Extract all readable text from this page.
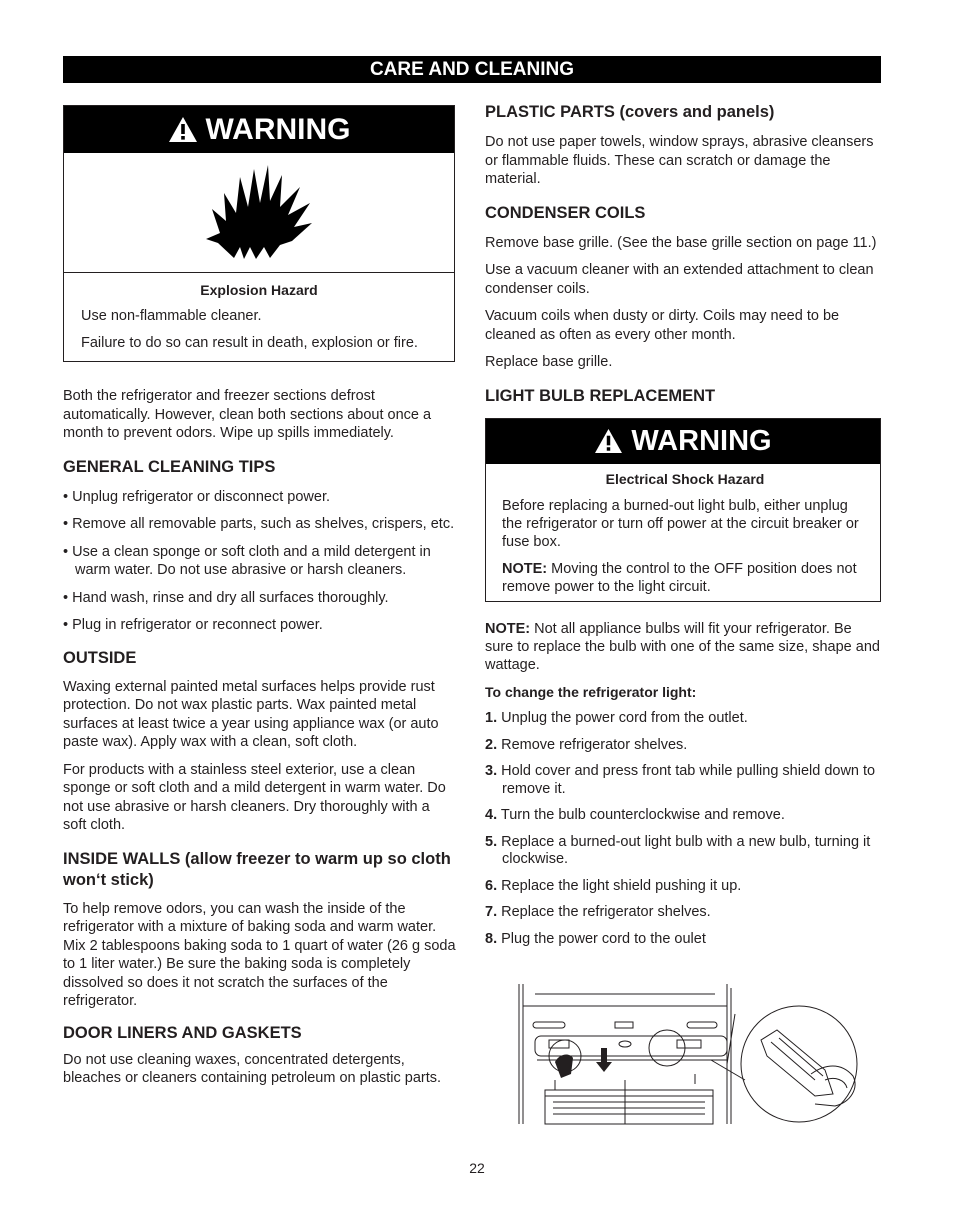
CARE AND CLEANING
WARNING
Explosion Hazard
Use non-flammable cleaner.
Failure to do so can result in death, explosion or fire.

Both the refrigerator and freezer sections defrost automatically. However, clean both sections about once a month to prevent odors. Wipe up spills immediately.

GENERAL CLEANING TIPS
• Unplug refrigerator or disconnect power.
• Remove all removable parts, such as shelves, crispers, etc.
• Use a clean sponge or soft cloth and a mild detergent in warm water. Do not use abrasive or harsh cleaners.
• Hand wash, rinse and dry all surfaces thoroughly.
• Plug in refrigerator or reconnect power.
OUTSIDE

Waxing external painted metal surfaces helps provide rust protection. Do not wax plastic parts. Wax painted metal surfaces at least twice a year using appliance wax (or auto paste wax). Apply wax with a clean, soft cloth.

For products with a stainless steel exterior, use a clean sponge or soft cloth and a mild detergent in warm water. Do not use abrasive or harsh cleaners. Dry thoroughly with a soft cloth.

INSIDE WALLS (allow freezer to warm up so cloth won‘t stick)

To help remove odors, you can wash the inside of the refrigerator with a mixture of baking soda and warm water. Mix 2 tablespoons baking soda to 1 quart of water (26 g soda to 1 liter water.) Be sure the baking soda is completely dissolved so does it not scratch the surfaces of the refrigerator.

DOOR LINERS AND GASKETS

Do not use cleaning waxes, concentrated detergents, bleaches or cleaners containing petroleum on plastic parts.

PLASTIC PARTS (covers and panels)

Do not use paper towels, window sprays, abrasive cleansers or flammable fluids. These can scratch or damage the material.

CONDENSER COILS

Remove base grille. (See the base grille section on page 11.)

Use a vacuum cleaner with an extended attachment to clean condenser coils.

Vacuum coils when dusty or dirty. Coils may need to be cleaned as often as every other month.

Replace base grille.

LIGHT BULB REPLACEMENT
WARNING
Electrical Shock Hazard
Before replacing a burned-out light bulb, either unplug the refrigerator or turn off power at the circuit breaker or fuse box.
NOTE: Moving the control to the OFF position does not remove power to the light circuit.

NOTE: Not all appliance bulbs will fit your refrigerator. Be sure to replace the bulb with one of the same size, shape and wattage.

To change the refrigerator light:

1. Unplug the power cord from the outlet.
2. Remove refrigerator shelves.
3. Hold cover and press front tab while pulling shield down to remove it.
4. Turn the bulb counterclockwise and remove.
5. Replace a burned-out light bulb with a new bulb, turning it clockwise.
6. Replace the light shield pushing it up.
7. Replace the refrigerator shelves.
8. Plug the power cord to the oulet
22
